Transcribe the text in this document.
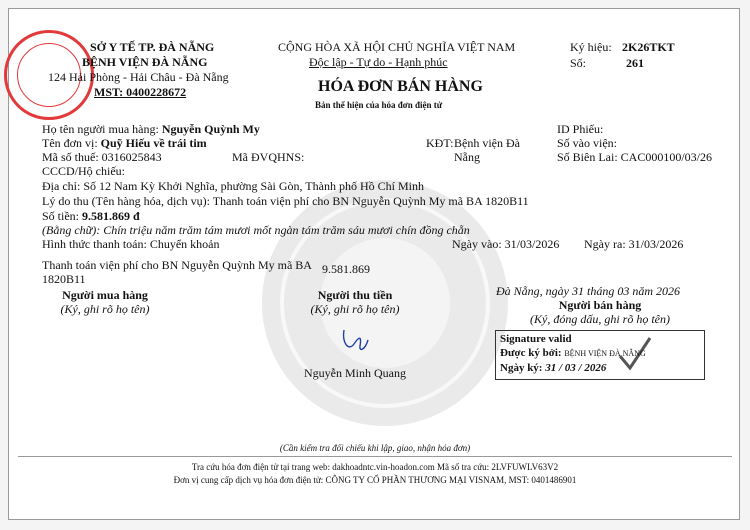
SỞ Y TẾ TP. ĐÀ NẴNG
BỆNH VIỆN ĐÀ NẴNG
124 Hải Phòng - Hải Châu - Đà Nẵng
MST: 0400228672
CỘNG HÒA XÃ HỘI CHỦ NGHĨA VIỆT NAM
Độc lập - Tự do - Hạnh phúc
HÓA ĐƠN BÁN HÀNG
Bản thể hiện của hóa đơn điện tử
Ký hiệu: 2K26TKT
Số:	261
Họ tên người mua hàng: Nguyễn Quỳnh My
Tên đơn vị: Quỹ Hiếu về trái tim
Mã số thuế: 0316025843	Mã ĐVQHNS:
CCCD/Hộ chiếu:
KĐT: Bệnh viện Đà Nẵng
Địa chỉ: Số 12 Nam Kỳ Khởi Nghĩa, phường Sài Gòn, Thành phố Hồ Chí Minh
Lý do thu (Tên hàng hóa, dịch vụ): Thanh toán viện phí cho BN Nguyễn Quỳnh My mã BA 1820B11
Số tiền: 9.581.869 đ
(Bằng chữ): Chín triệu năm trăm tám mươi mốt ngàn tám trăm sáu mươi chín đồng chẵn
Hình thức thanh toán: Chuyển khoản	Ngày vào: 31/03/2026
ID Phiếu:
Số vào viện:
Số Biên Lai: CAC000100/03/26
Ngày ra: 31/03/2026
Thanh toán viện phí cho BN Nguyễn Quỳnh My mã BA
1820B11
9.581.869
Người mua hàng
(Ký, ghi rõ họ tên)
Người thu tiền
(Ký, ghi rõ họ tên)
Nguyễn Minh Quang
Đà Nẵng, ngày 31 tháng 03 năm 2026
Người bán hàng
(Ký, đóng dấu, ghi rõ họ tên)
Signature valid
Được ký bởi: BỆNH VIỆN ĐÀ NẴNG
Ngày ký: 31 / 03 / 2026
(Cần kiểm tra đối chiếu khi lập, giao, nhận hóa đơn)
Tra cứu hóa đơn điện tử tại trang web: dakhoadntc.vin-hoadon.com Mã số tra cứu: 2LVFUWLV63V2
Đơn vị cung cấp dịch vụ hóa đơn điện tử: CÔNG TY CỔ PHẦN THƯƠNG MẠI VISNAM, MST: 0401486901
